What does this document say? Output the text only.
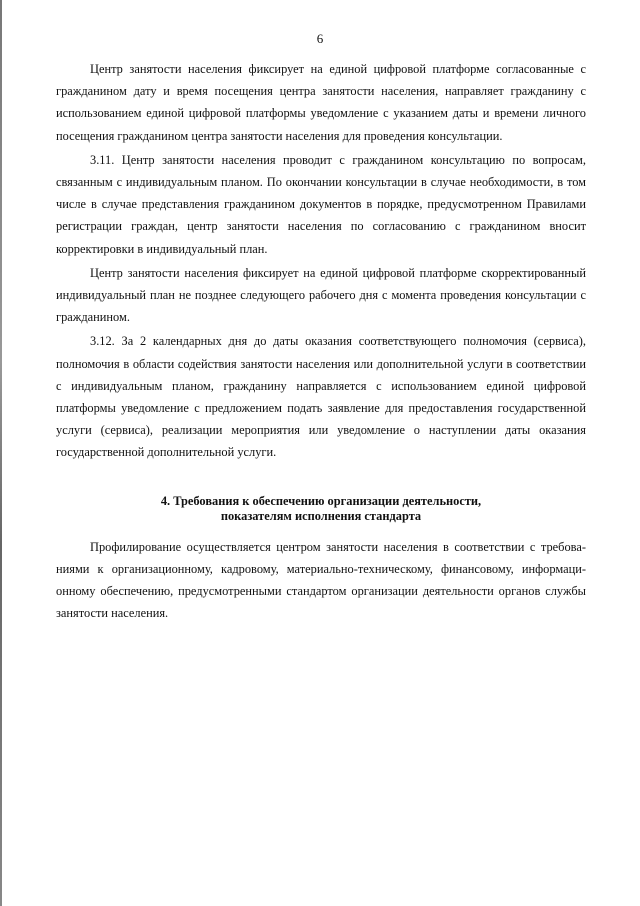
6

Центр занятости населения фиксирует на единой цифровой платформе согласованные с гражданином дату и время посещения центра занятости населения, направляет гражданину с использованием единой цифровой платформы уведомление с указанием даты и времени личного посещения гражданином центра занятости населения для проведения консультации.

3.11. Центр занятости населения проводит с гражданином консультацию по вопросам, связанным с индивидуальным планом. По окончании консультации в случае необходимости, в том числе в случае представления гражданином документов в порядке, предусмотренном Правилами регистрации граждан, центр занятости населения по согласованию с гражданином вносит корректировки в индивидуальный план.

Центр занятости населения фиксирует на единой цифровой платформе скорректированный индивидуальный план не позднее следующего рабочего дня с момента проведения консультации с гражданином.

3.12. За 2 календарных дня до даты оказания соответствующего полномочия (сервиса), полномочия в области содействия занятости населения или дополнительной услуги в соответствии с индивидуальным планом, гражданину направляется с использованием единой цифровой платформы уведомление с предложением подать заявление для предоставления государственной услуги (сервиса), реализации мероприятия или уведомление о наступлении даты оказания государственной дополнительной услуги.

4. Требования к обеспечению организации деятельности,
показателям исполнения стандарта

Профилирование осуществляется центром занятости населения в соответствии с требованиями к организационному, кадровому, материально-техническому, финансовому, информационному обеспечению, предусмотренными стандартом организации деятельности органов службы занятости населения.
